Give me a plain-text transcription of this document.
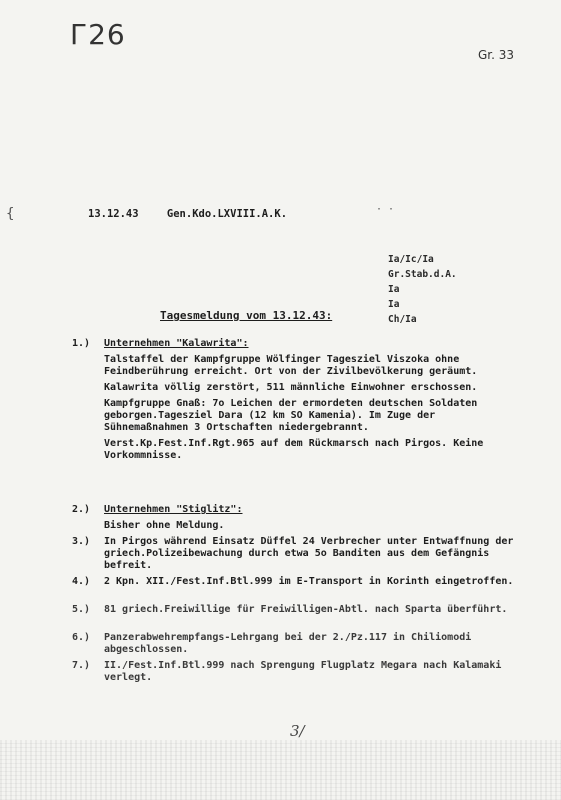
Г26
Gr. 33
{	13.12.43	Gen.Kdo.LXVIII.A.K.	· ·
Ia/Ic/Ia
Gr.Stab.d.A.
Ia
Ia
Ch/Ia
Tagesmeldung vom 13.12.43:
1.)	Unternehmen "Kalawrita":
Talstaffel der Kampfgruppe Wölfinger Tagesziel Viszoka ohne Feindberührung erreicht. Ort von der Zivilbevölkerung geräumt.
Kalawrita völlig zerstört, 511 männliche Einwohner erschossen.
Kampfgruppe Gnaß: 7o Leichen der ermordeten deutschen Soldaten geborgen.Tagesziel Dara (12 km SO Kamenia). Im Zuge der Sühnemaßnahmen 3 Ortschaften niedergebrannt.
Verst.Kp.Fest.Inf.Rgt.965 auf dem Rückmarsch nach Pirgos. Keine Vorkommnisse.
2.)	Unternehmen "Stiglitz":
Bisher ohne Meldung.
3.)	In Pirgos während Einsatz Düffel 24 Verbrecher unter Entwaffnung der griech.Polizeibewachung durch etwa 5o Banditen aus dem Gefängnis befreit.
4.)	2 Kpn. XII./Fest.Inf.Btl.999 im E-Transport in Korinth eingetroffen.
5.)	81 griech.Freiwillige für Freiwilligen-Abtl. nach Sparta überführt.
6.)	Panzerabwehrempfangs-Lehrgang bei der 2./Pz.117 in Chiliomodi abgeschlossen.
7.)	II./Fest.Inf.Btl.999 nach Sprengung Flugplatz Megara nach Kalamaki verlegt.
3/
